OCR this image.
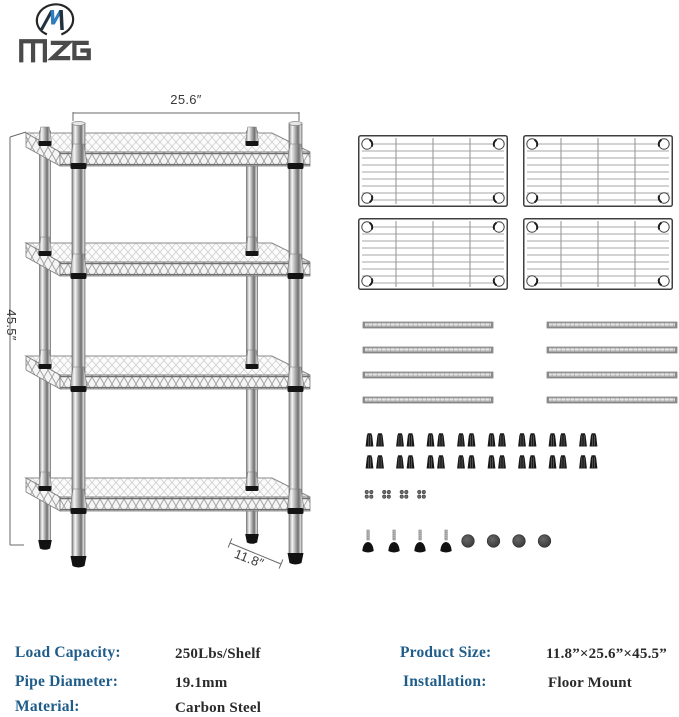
25.6″
45.5″
11.8″
Load Capacity:	250Lbs/Shelf
Pipe Diameter:	19.1mm
Material:	Carbon Steel
Product Size:	11.8”×25.6”×45.5”
Installation:	Floor Mount
